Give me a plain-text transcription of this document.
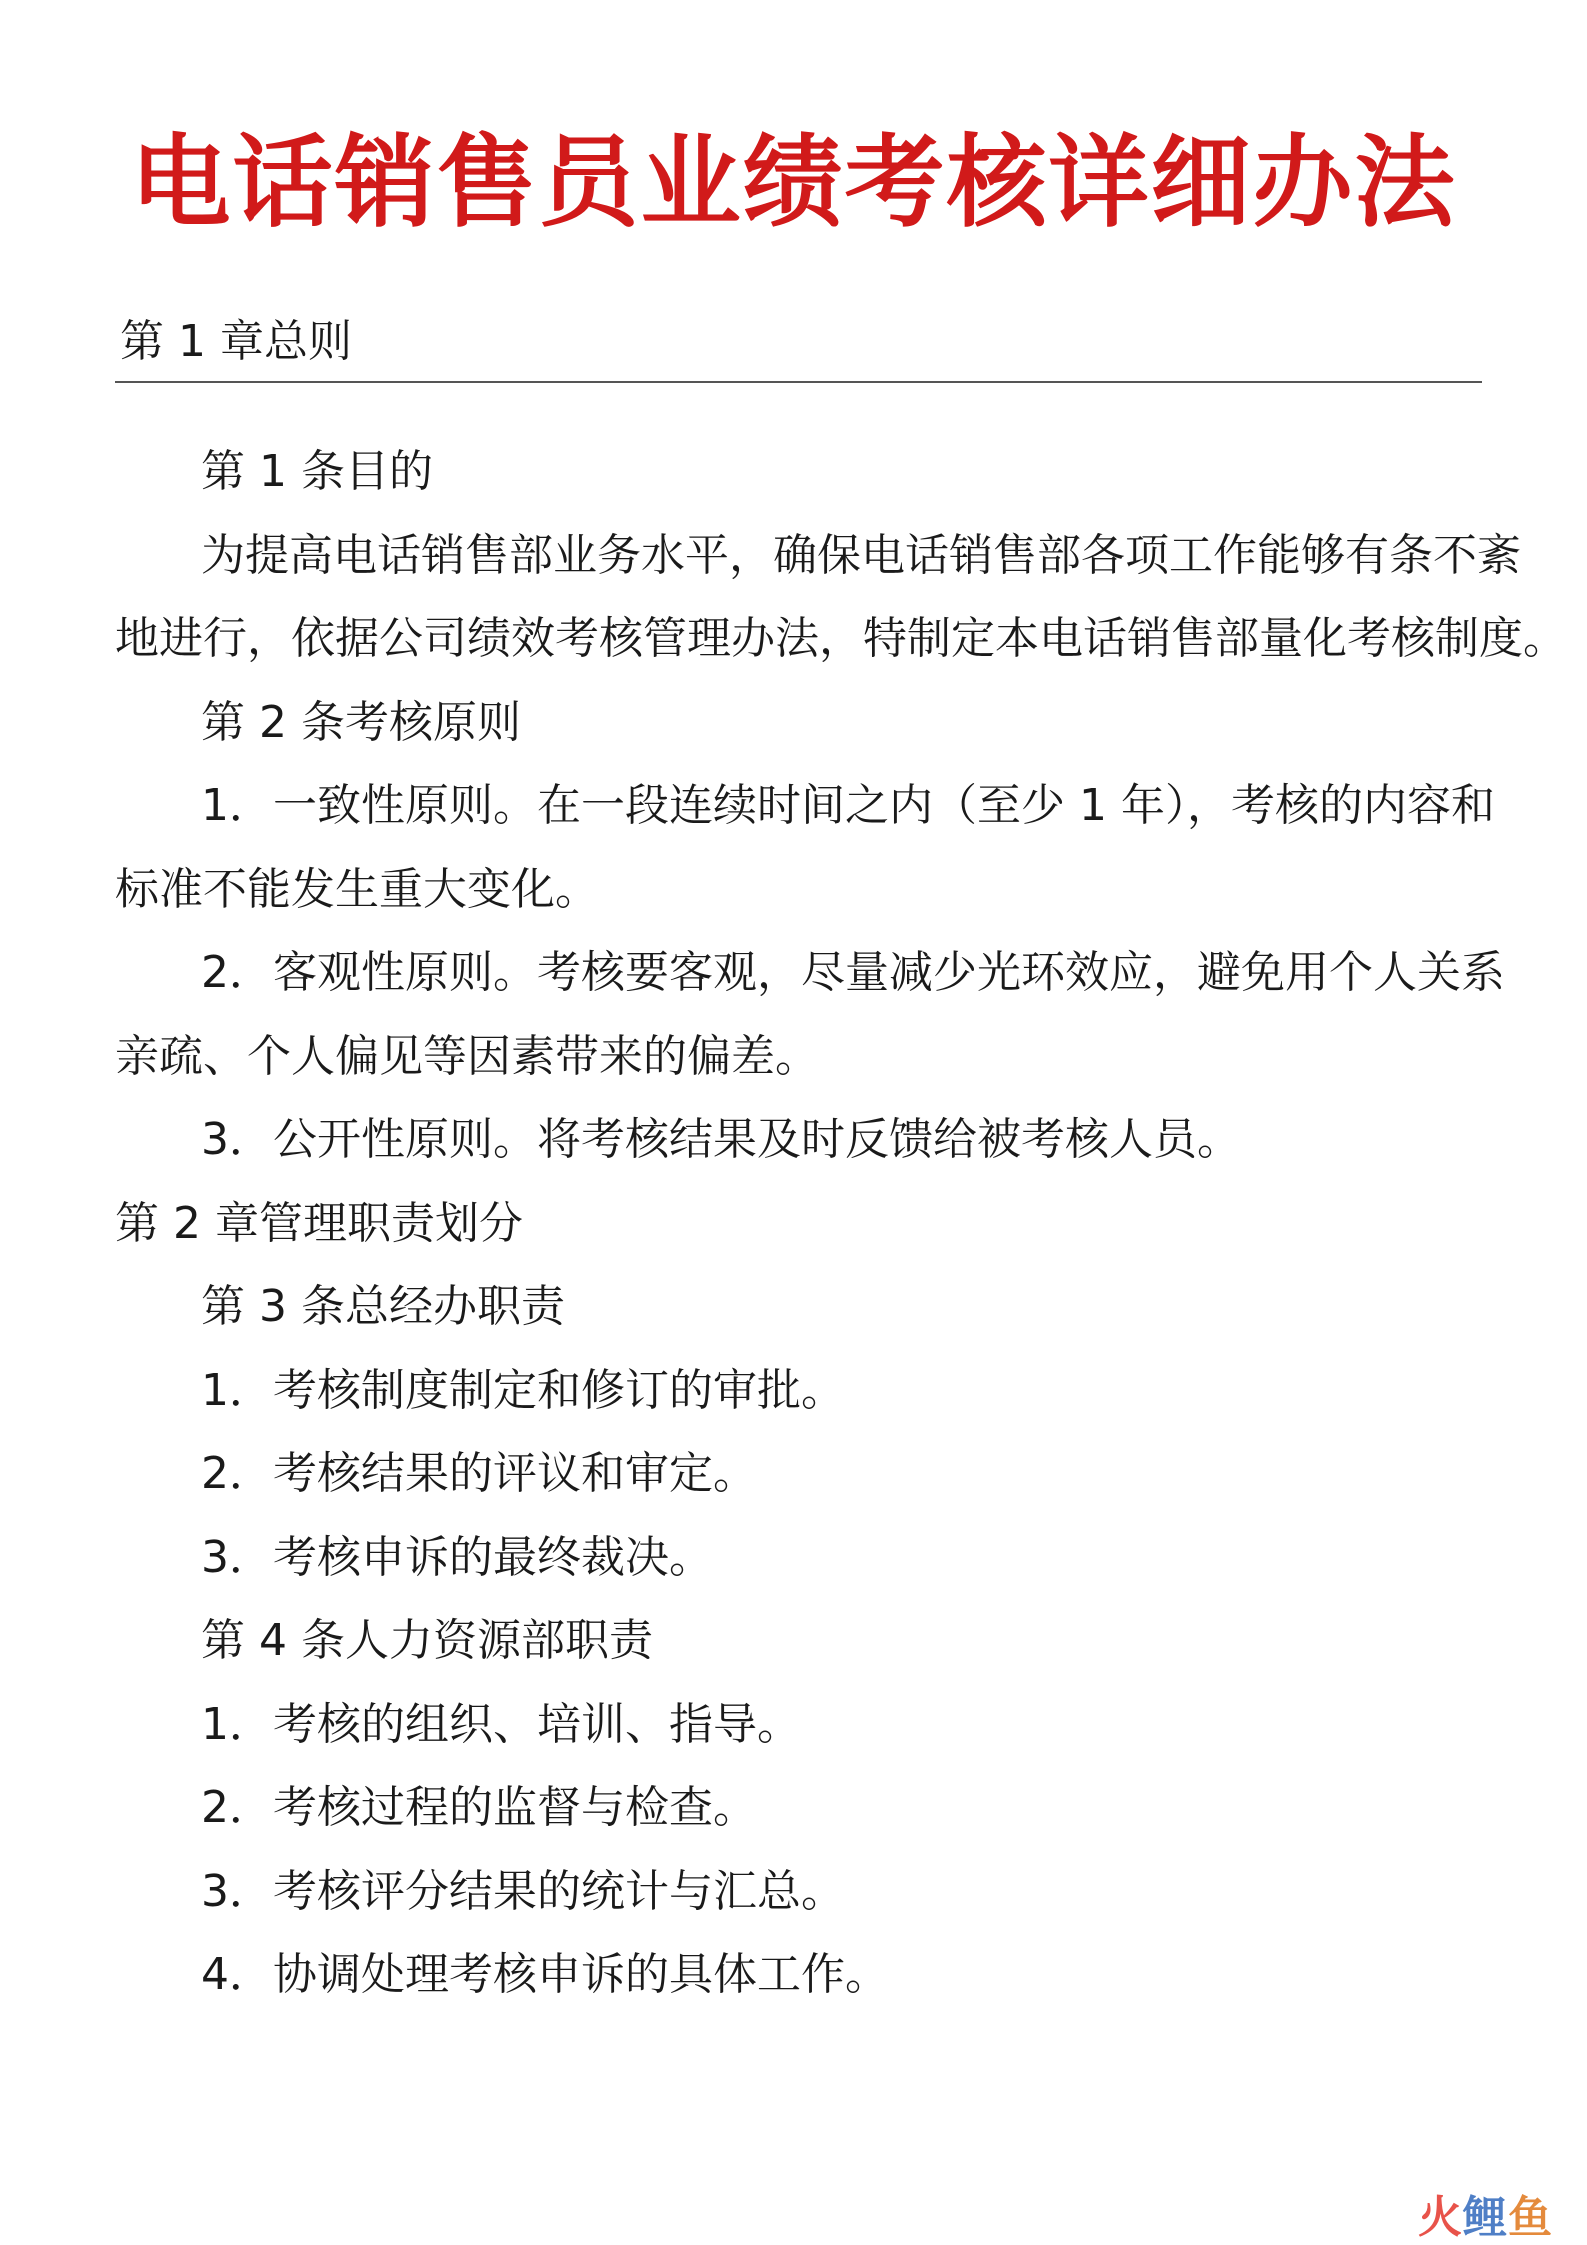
电话销售员业绩考核详细办法

第 1 章总则

第 1 条目的

为提高电话销售部业务水平，确保电话销售部各项工作能够有条不紊

地进行，依据公司绩效考核管理办法，特制定本电话销售部量化考核制度。

第 2 条考核原则

1．一致性原则。在一段连续时间之内（至少 1 年），考核的内容和

标准不能发生重大变化。

2．客观性原则。考核要客观，尽量减少光环效应，避免用个人关系

亲疏、个人偏见等因素带来的偏差。

3．公开性原则。将考核结果及时反馈给被考核人员。

第 2 章管理职责划分

第 3 条总经办职责

1．考核制度制定和修订的审批。

2．考核结果的评议和审定。

3．考核申诉的最终裁决。

第 4 条人力资源部职责

1．考核的组织、培训、指导。

2．考核过程的监督与检查。

3．考核评分结果的统计与汇总。

4．协调处理考核申诉的具体工作。

火鲤鱼
